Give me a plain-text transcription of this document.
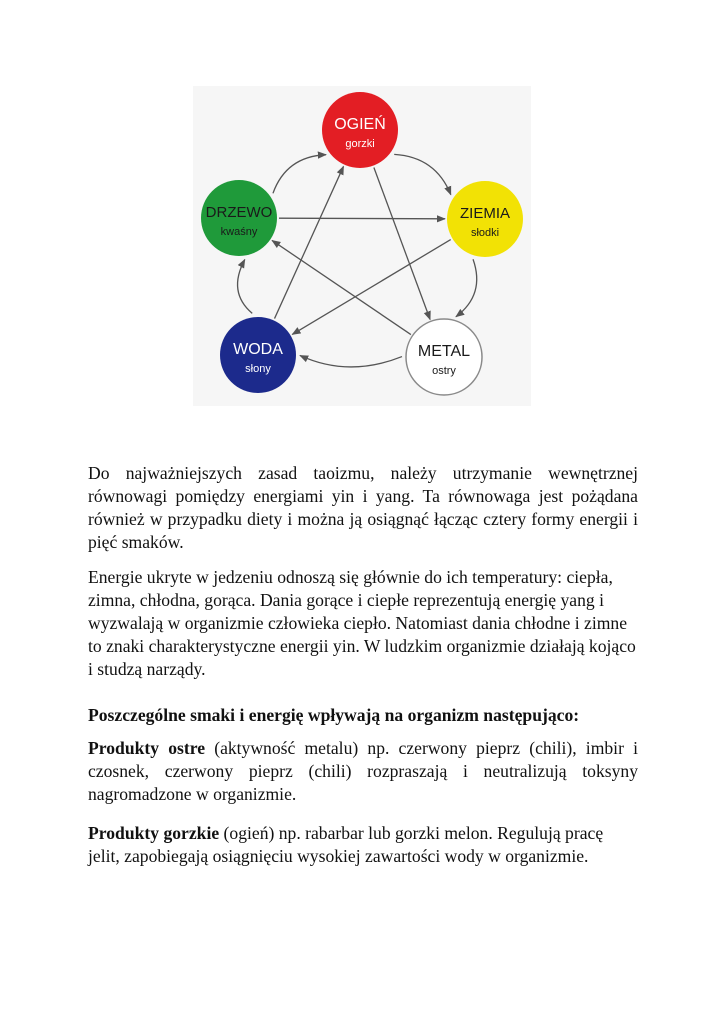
OGIEŃ
gorzki
ZIEMIA
słodki
METAL
ostry
WODA
słony
DRZEWO
kwaśny

Do najważniejszych zasad taoizmu, należy utrzymanie wewnętrznej równowagi pomiędzy energiami yin i yang. Ta równowaga jest pożądana również w przypadku diety i można ją osiągnąć łącząc cztery formy energii i pięć smaków.

Energie ukryte w jedzeniu odnoszą się głównie do ich temperatury: ciepła, zimna, chłodna, gorąca. Dania gorące i ciepłe reprezentują energię yang i wyzwalają w organizmie człowieka ciepło. Natomiast dania chłodne i zimne to znaki charakterystyczne energii yin. W ludzkim organizmie działają kojąco i studzą narządy.

Poszczególne smaki i energię wpływają na organizm następująco:

Produkty ostre (aktywność metalu) np. czerwony pieprz (chili), imbir i czosnek, czerwony pieprz (chili) rozpraszają i neutralizują toksyny nagromadzone w organizmie.

Produkty gorzkie (ogień) np. rabarbar lub gorzki melon. Regulują pracę jelit, zapobiegają osiągnięciu wysokiej zawartości wody w organizmie.
